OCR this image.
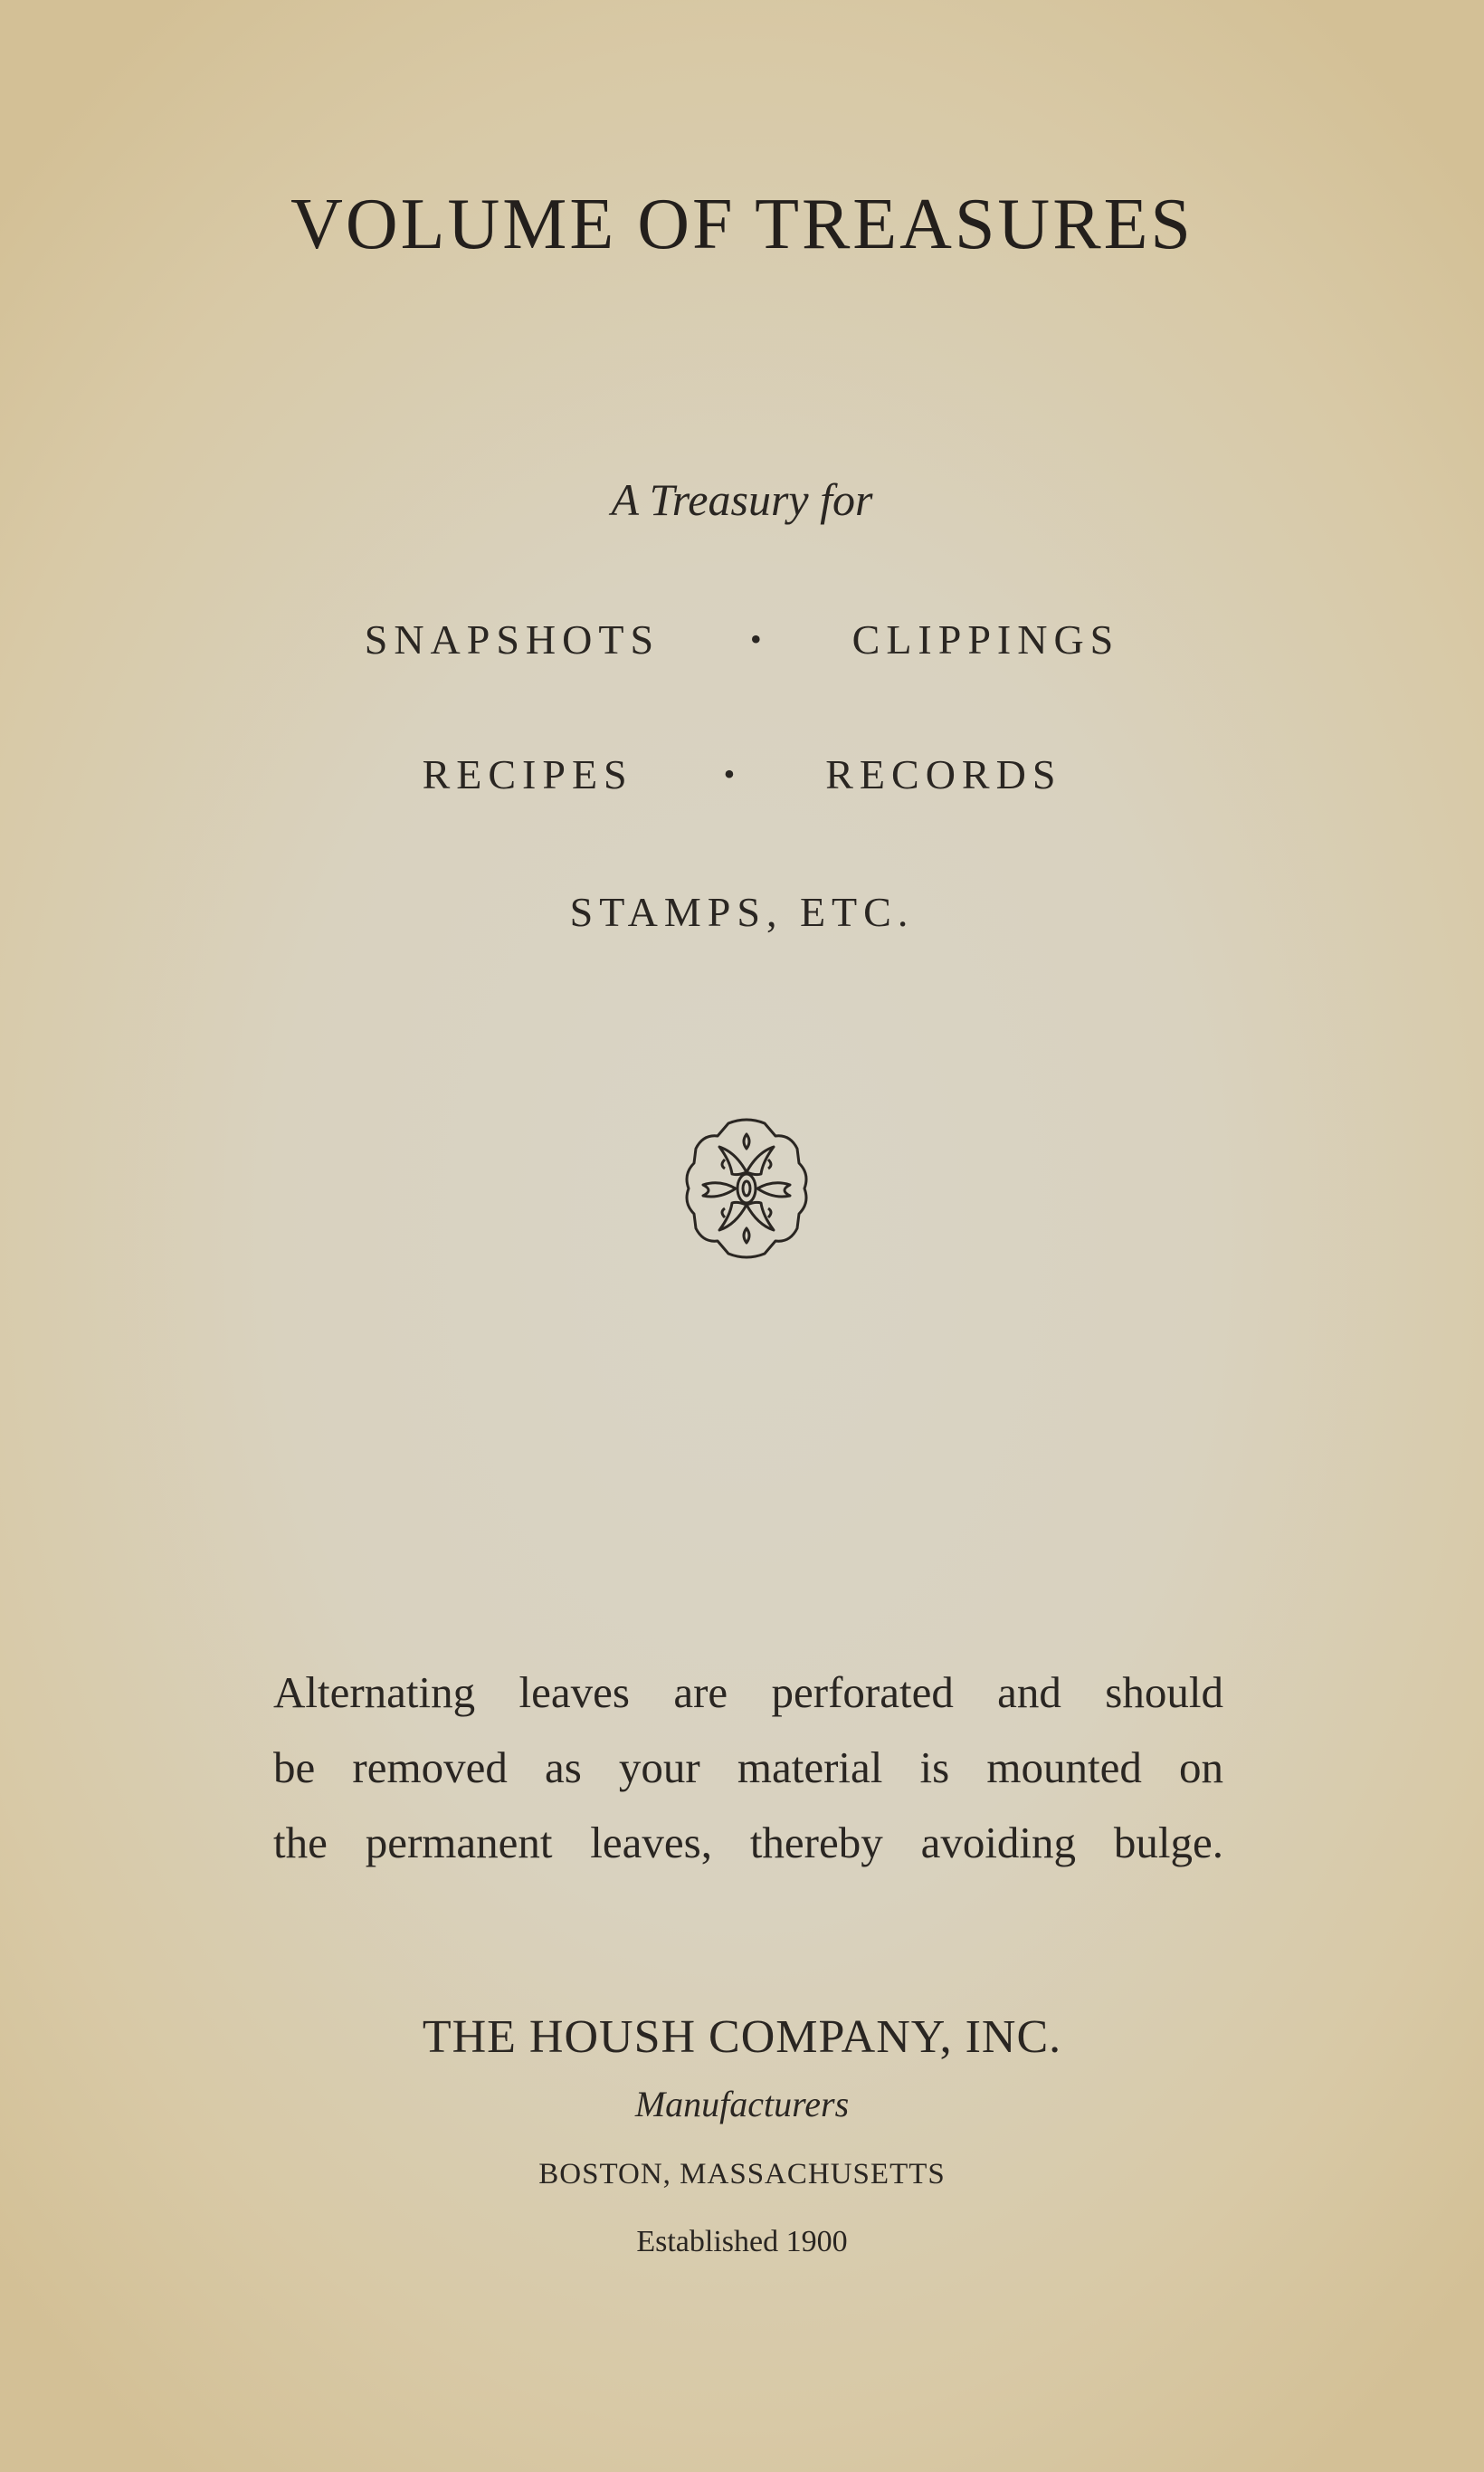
VOLUME OF TREASURES
A Treasury for
SNAPSHOTS	• CLIPPINGS
RECIPES	• RECORDS
STAMPS, ETC.
Alternating leaves are perforated and should
be removed as your material is mounted on
the permanent leaves, thereby avoiding bulge.
THE HOUSH COMPANY, INC.
Manufacturers
BOSTON, MASSACHUSETTS
Established 1900
